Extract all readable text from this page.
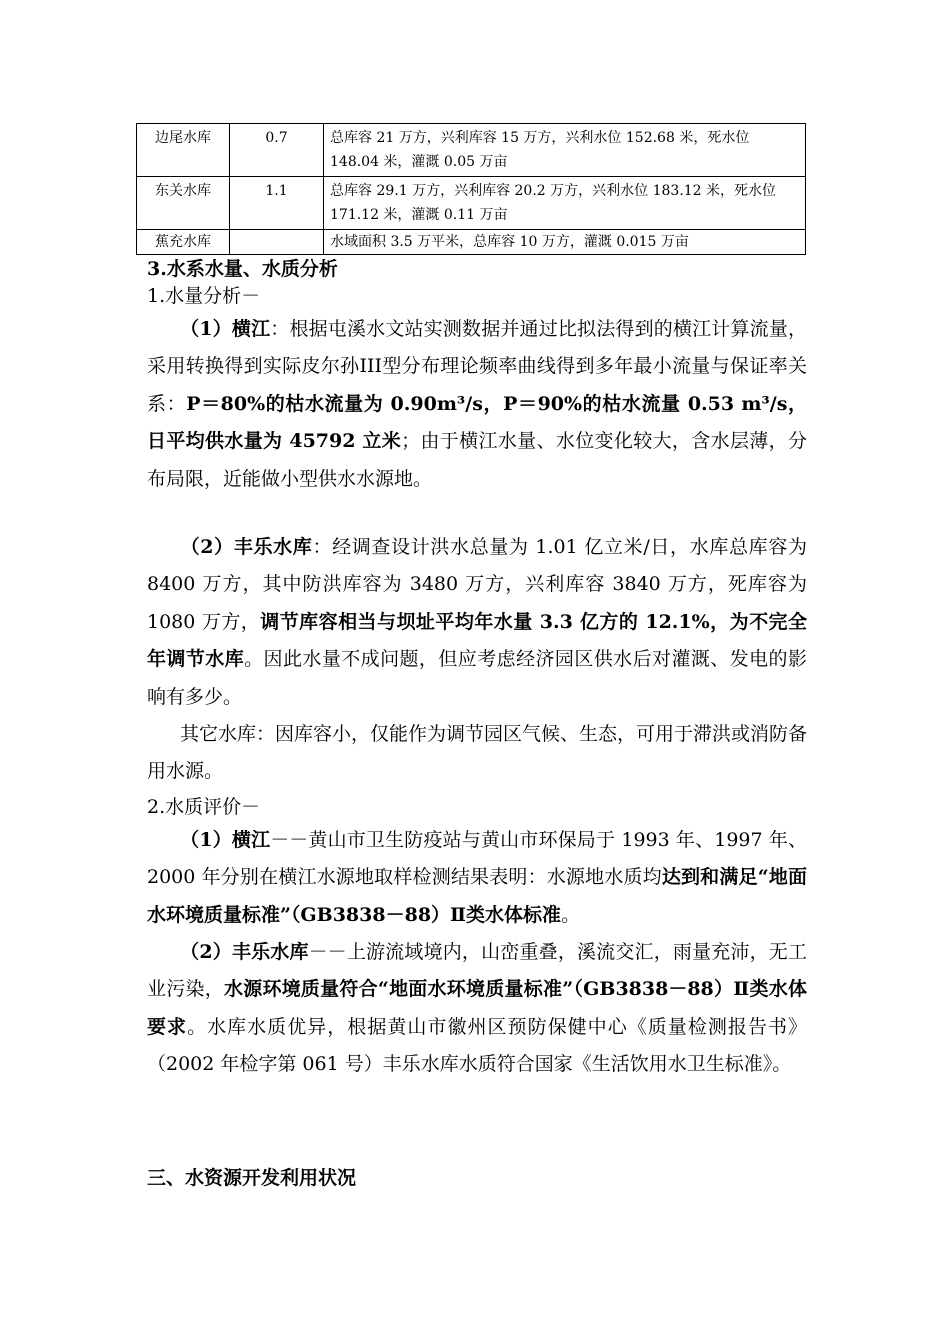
边尾水库	0.7	总库容 21 万方，兴利库容 15 万方，兴利水位 152.68 米，死水位 148.04 米，灌溉 0.05 万亩
东关水库	1.1	总库容 29.1 万方，兴利库容 20.2 万方，兴利水位 183.12 米，死水位 171.12 米，灌溉 0.11 万亩
蕉充水库		水域面积 3.5 万平米，总库容 10 万方，灌溉 0.015 万亩
3.水系水量、水质分析
1.水量分析－
（1）横江：根据屯溪水文站实测数据并通过比拟法得到的横江计算流量，采用转换得到实际皮尔孙III型分布理论频率曲线得到多年最小流量与保证率关系：P＝80%的枯水流量为 0.90m³/s，P＝90%的枯水流量 0.53 m³/s，日平均供水量为 45792 立米；由于横江水量、水位变化较大，含水层薄，分布局限，近能做小型供水水源地。
（2）丰乐水库：经调查设计洪水总量为 1.01 亿立米/日，水库总库容为 8400 万方，其中防洪库容为 3480 万方，兴利库容 3840 万方，死库容为 1080 万方，调节库容相当与坝址平均年水量 3.3 亿方的 12.1%，为不完全年调节水库。因此水量不成问题，但应考虑经济园区供水后对灌溉、发电的影响有多少。
其它水库：因库容小，仅能作为调节园区气候、生态，可用于滞洪或消防备用水源。
2.水质评价－
（1）横江－－黄山市卫生防疫站与黄山市环保局于 1993 年、1997 年、2000 年分别在横江水源地取样检测结果表明：水源地水质均达到和满足“地面水环境质量标准”（GB3838－88）Ⅱ类水体标准。
（2）丰乐水库－－上游流域境内，山峦重叠，溪流交汇，雨量充沛，无工业污染，水源环境质量符合“地面水环境质量标准”（GB3838－88）Ⅱ类水体要求。水库水质优异，根据黄山市徽州区预防保健中心《质量检测报告书》（2002 年检字第 061 号）丰乐水库水质符合国家《生活饮用水卫生标准》。
三、水资源开发利用状况
